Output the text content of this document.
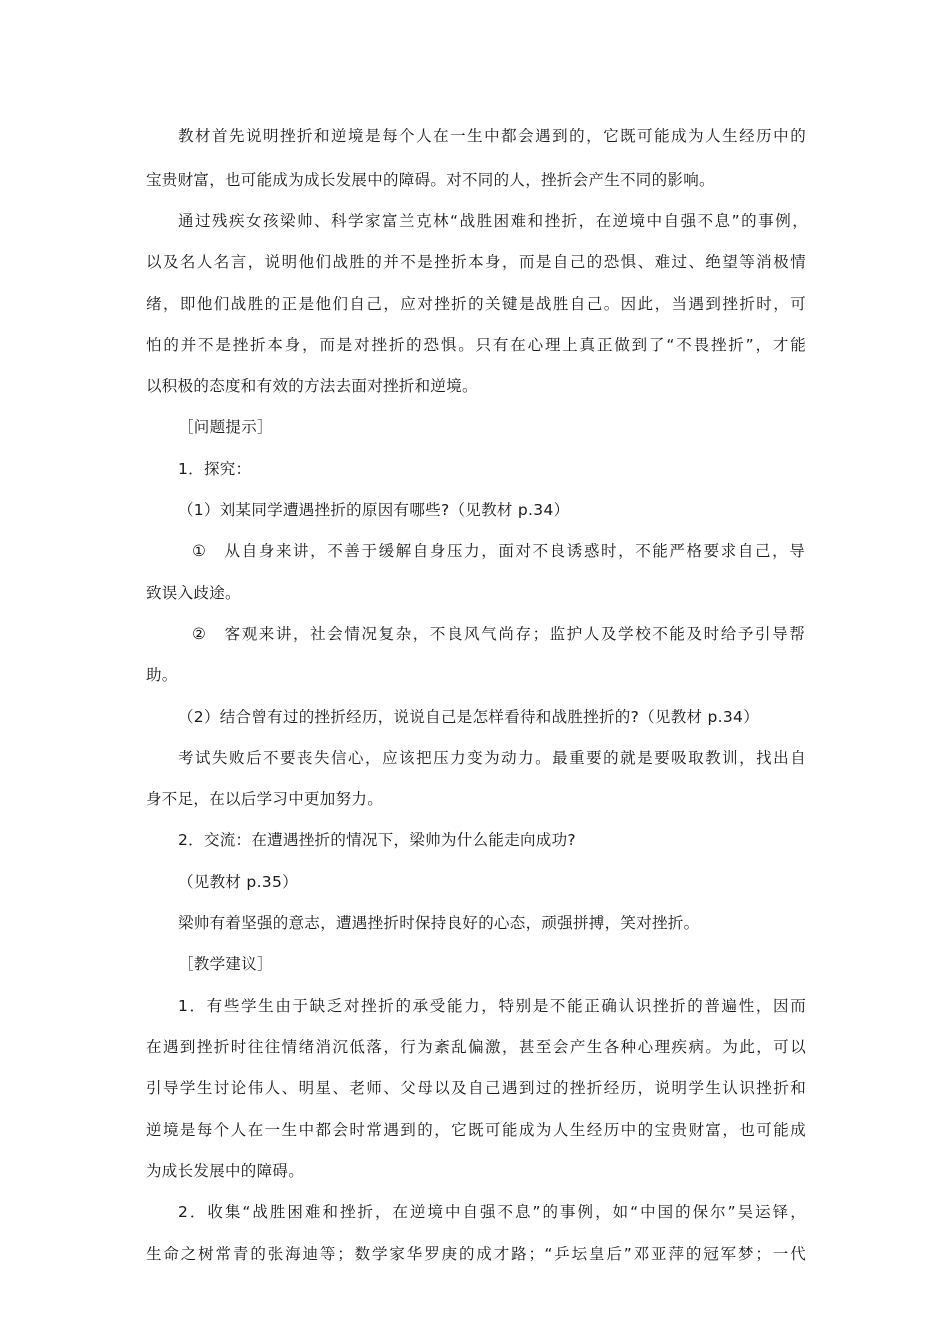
教材首先说明挫折和逆境是每个人在一生中都会遇到的，它既可能成为人生经历中的
宝贵财富，也可能成为成长发展中的障碍。对不同的人，挫折会产生不同的影响。
通过残疾女孩梁帅、科学家富兰克林“战胜困难和挫折，在逆境中自强不息”的事例，
以及名人名言，说明他们战胜的并不是挫折本身，而是自己的恐惧、难过、绝望等消极情
绪，即他们战胜的正是他们自己，应对挫折的关键是战胜自己。因此，当遇到挫折时，可
怕的并不是挫折本身，而是对挫折的恐惧。只有在心理上真正做到了“不畏挫折”，才能
以积极的态度和有效的方法去面对挫折和逆境。
［问题提示］
1．探究：
（1）刘某同学遭遇挫折的原因有哪些?（见教材 p.34）
①　从自身来讲，不善于缓解自身压力，面对不良诱惑时，不能严格要求自己，导
致误入歧途。
②　客观来讲，社会情况复杂，不良风气尚存；监护人及学校不能及时给予引导帮
助。
（2）结合曾有过的挫折经历，说说自己是怎样看待和战胜挫折的?（见教材 p.34）
考试失败后不要丧失信心，应该把压力变为动力。最重要的就是要吸取教训，找出自
身不足，在以后学习中更加努力。
2．交流：在遭遇挫折的情况下，梁帅为什么能走向成功?
（见教材 p.35）
梁帅有着坚强的意志，遭遇挫折时保持良好的心态，顽强拼搏，笑对挫折。
［教学建议］
1．有些学生由于缺乏对挫折的承受能力，特别是不能正确认识挫折的普遍性，因而
在遇到挫折时往往情绪消沉低落，行为紊乱偏激，甚至会产生各种心理疾病。为此，可以
引导学生讨论伟人、明星、老师、父母以及自己遇到过的挫折经历，说明学生认识挫折和
逆境是每个人在一生中都会时常遇到的，它既可能成为人生经历中的宝贵财富，也可能成
为成长发展中的障碍。
2．收集“战胜困难和挫折，在逆境中自强不息”的事例，如“中国的保尔”吴运铎，
生命之树常青的张海迪等；数学家华罗庚的成才路；“乒坛皇后”邓亚萍的冠军梦；一代
